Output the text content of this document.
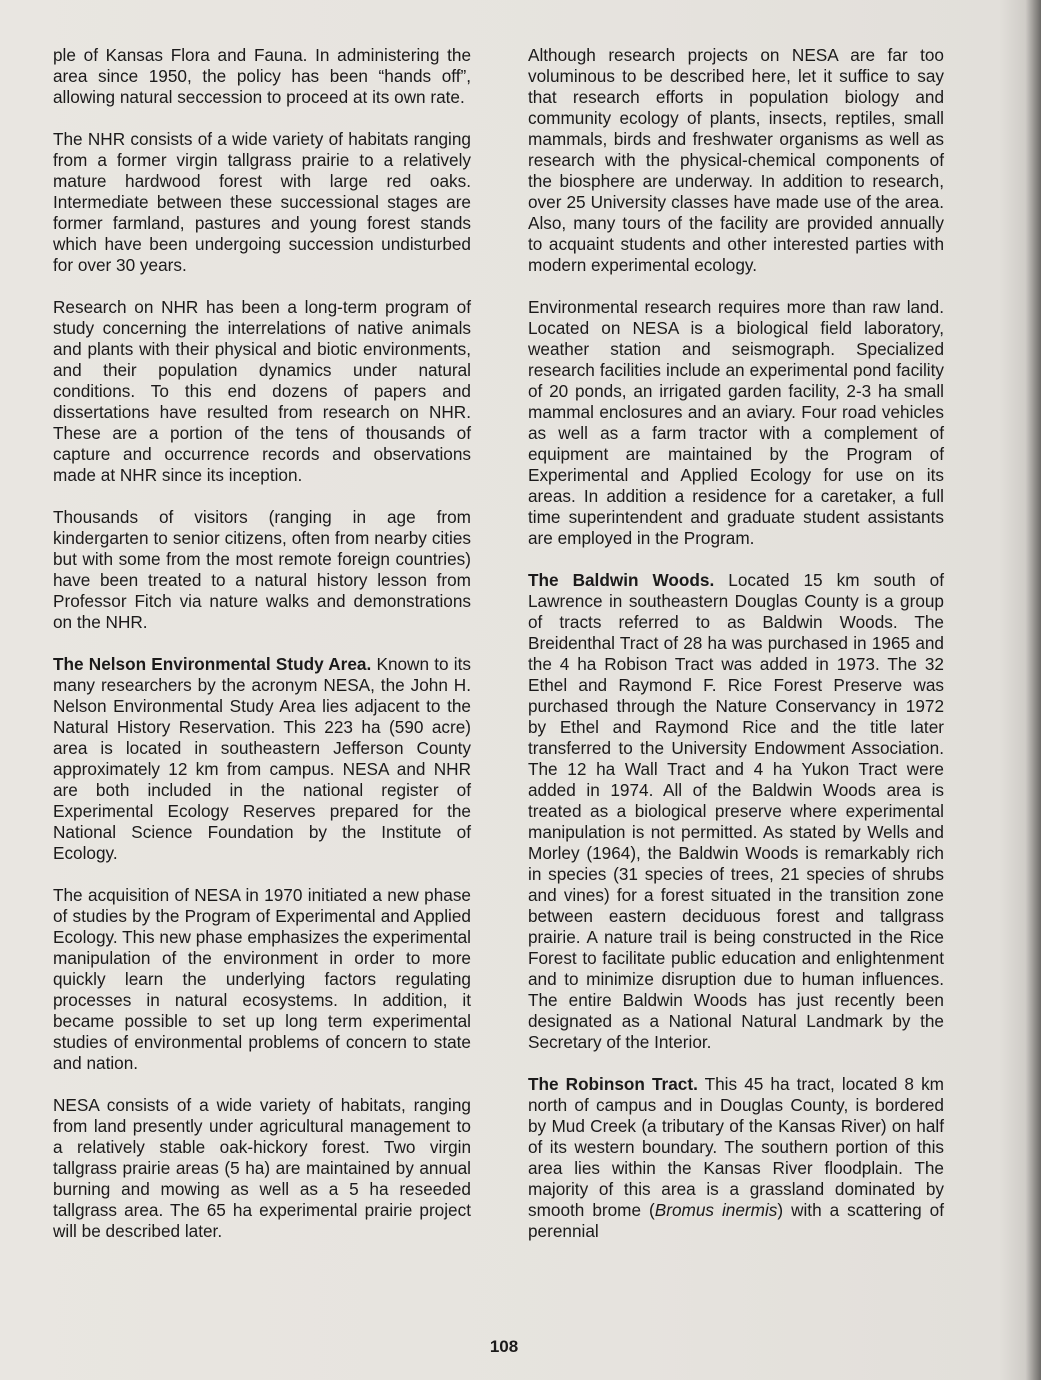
ple of Kansas Flora and Fauna. In administering the area since 1950, the policy has been “hands off”, allowing natural seccession to proceed at its own rate.

The NHR consists of a wide variety of habitats ranging from a former virgin tallgrass prairie to a relatively mature hardwood forest with large red oaks. Intermediate between these successional stages are former farmland, pastures and young forest stands which have been undergoing succession undisturbed for over 30 years.

Research on NHR has been a long-term program of study concerning the interrelations of native animals and plants with their physical and biotic environments, and their population dynamics under natural conditions. To this end dozens of papers and dissertations have resulted from research on NHR. These are a portion of the tens of thousands of capture and occurrence records and observations made at NHR since its inception.

Thousands of visitors (ranging in age from kindergarten to senior citizens, often from nearby cities but with some from the most remote foreign countries) have been treated to a natural history lesson from Professor Fitch via nature walks and demonstrations on the NHR.

The Nelson Environmental Study Area. Known to its many researchers by the acronym NESA, the John H. Nelson Environmental Study Area lies adjacent to the Natural History Reservation. This 223 ha (590 acre) area is located in southeastern Jefferson County approximately 12 km from campus. NESA and NHR are both included in the national register of Experimental Ecology Reserves prepared for the National Science Foundation by the Institute of Ecology.

The acquisition of NESA in 1970 initiated a new phase of studies by the Program of Experimental and Applied Ecology. This new phase emphasizes the experimental manipulation of the environment in order to more quickly learn the underlying factors regulating processes in natural ecosystems. In addition, it became possible to set up long term experimental studies of environmental problems of concern to state and nation.

NESA consists of a wide variety of habitats, ranging from land presently under agricultural management to a relatively stable oak-hickory forest. Two virgin tallgrass prairie areas (5 ha) are maintained by annual burning and mowing as well as a 5 ha reseeded tallgrass area. The 65 ha experimental prairie project will be described later.

Although research projects on NESA are far too voluminous to be described here, let it suffice to say that research efforts in population biology and community ecology of plants, insects, reptiles, small mammals, birds and freshwater organisms as well as research with the physical-chemical components of the biosphere are underway. In addition to research, over 25 University classes have made use of the area. Also, many tours of the facility are provided annually to acquaint students and other interested parties with modern experimental ecology.

Environmental research requires more than raw land. Located on NESA is a biological field laboratory, weather station and seismograph. Specialized research facilities include an experimental pond facility of 20 ponds, an irrigated garden facility, 2-3 ha small mammal enclosures and an aviary. Four road vehicles as well as a farm tractor with a complement of equipment are maintained by the Program of Experimental and Applied Ecology for use on its areas. In addition a residence for a caretaker, a full time superintendent and graduate student assistants are employed in the Program.

The Baldwin Woods. Located 15 km south of Lawrence in southeastern Douglas County is a group of tracts referred to as Baldwin Woods. The Breidenthal Tract of 28 ha was purchased in 1965 and the 4 ha Robison Tract was added in 1973. The 32 Ethel and Raymond F. Rice Forest Preserve was purchased through the Nature Conservancy in 1972 by Ethel and Raymond Rice and the title later transferred to the University Endowment Association. The 12 ha Wall Tract and 4 ha Yukon Tract were added in 1974. All of the Baldwin Woods area is treated as a biological preserve where experimental manipulation is not permitted. As stated by Wells and Morley (1964), the Baldwin Woods is remarkably rich in species (31 species of trees, 21 species of shrubs and vines) for a forest situated in the transition zone between eastern deciduous forest and tallgrass prairie. A nature trail is being constructed in the Rice Forest to facilitate public education and enlightenment and to minimize disruption due to human influences. The entire Baldwin Woods has just recently been designated as a National Natural Landmark by the Secretary of the Interior.

The Robinson Tract. This 45 ha tract, located 8 km north of campus and in Douglas County, is bordered by Mud Creek (a tributary of the Kansas River) on half of its western boundary. The southern portion of this area lies within the Kansas River floodplain. The majority of this area is a grassland dominated by smooth brome (Bromus inermis) with a scattering of perennial

108
